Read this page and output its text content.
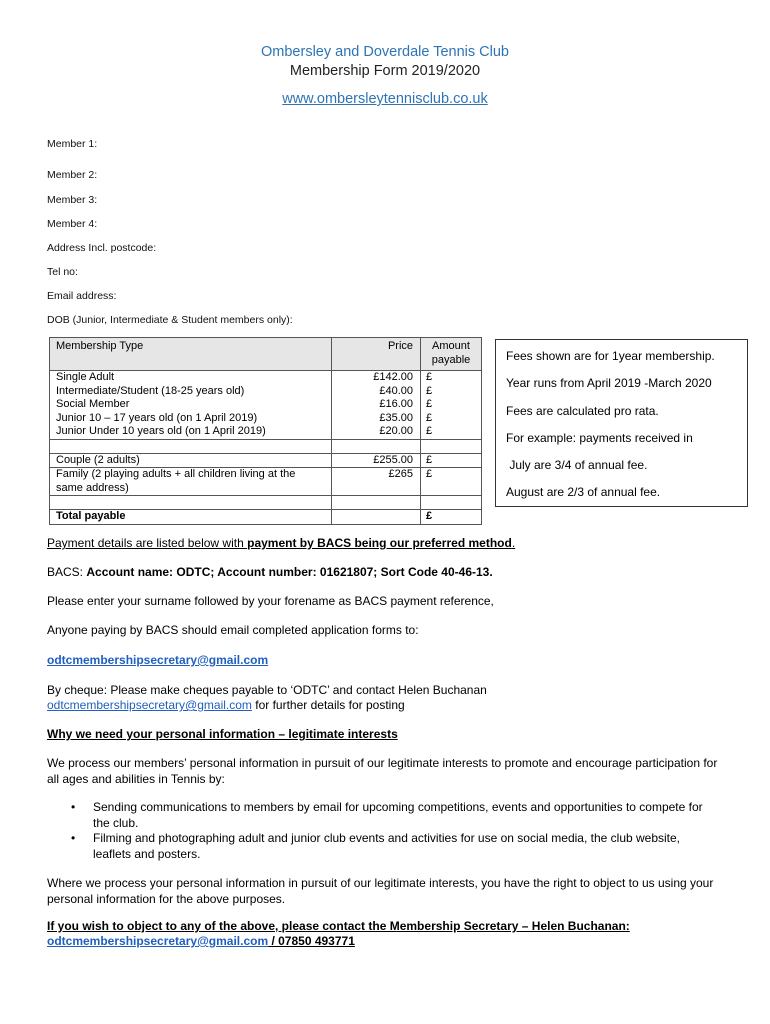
Ombersley and Doverdale Tennis Club
Membership Form 2019/2020
www.ombersleytennisclub.co.uk
Member 1:
Member 2:
Member 3:
Member 4:
Address Incl. postcode:
Tel no:
Email address:
DOB (Junior, Intermediate & Student members only):
Membership Type	Price	Amount payable
Single Adult	£142.00	£
Intermediate/Student (18-25 years old)	£40.00	£
Social Member	£16.00	£
Junior 10 – 17 years old (on 1 April 2019)	£35.00	£
Junior Under 10 years old (on 1 April 2019)	£20.00	£

Couple (2 adults)	£255.00	£
Family (2 playing adults + all children living at the same address)	£265	£

Total payable		£
Fees shown are for 1year membership.
Year runs from April 2019 -March 2020
Fees are calculated pro rata.
For example: payments received in
July are 3/4 of annual fee.
August are 2/3 of annual fee.
Payment details are listed below with payment by BACS being our preferred method.
BACS: Account name: ODTC; Account number: 01621807; Sort Code 40-46-13.
Please enter your surname followed by your forename as BACS payment reference,
Anyone paying by BACS should email completed application forms to:
odtcmembershipsecretary@gmail.com
By cheque: Please make cheques payable to ‘ODTC’ and contact Helen Buchanan
odtcmembershipsecretary@gmail.com for further details for posting
Why we need your personal information – legitimate interests
We process our members’ personal information in pursuit of our legitimate interests to promote and encourage participation for all ages and abilities in Tennis by:
• Sending communications to members by email for upcoming competitions, events and opportunities to compete for the club.
• Filming and photographing adult and junior club events and activities for use on social media, the club website, leaflets and posters.
Where we process your personal information in pursuit of our legitimate interests, you have the right to object to us using your personal information for the above purposes.
If you wish to object to any of the above, please contact the Membership Secretary – Helen Buchanan:
odtcmembershipsecretary@gmail.com / 07850 493771
